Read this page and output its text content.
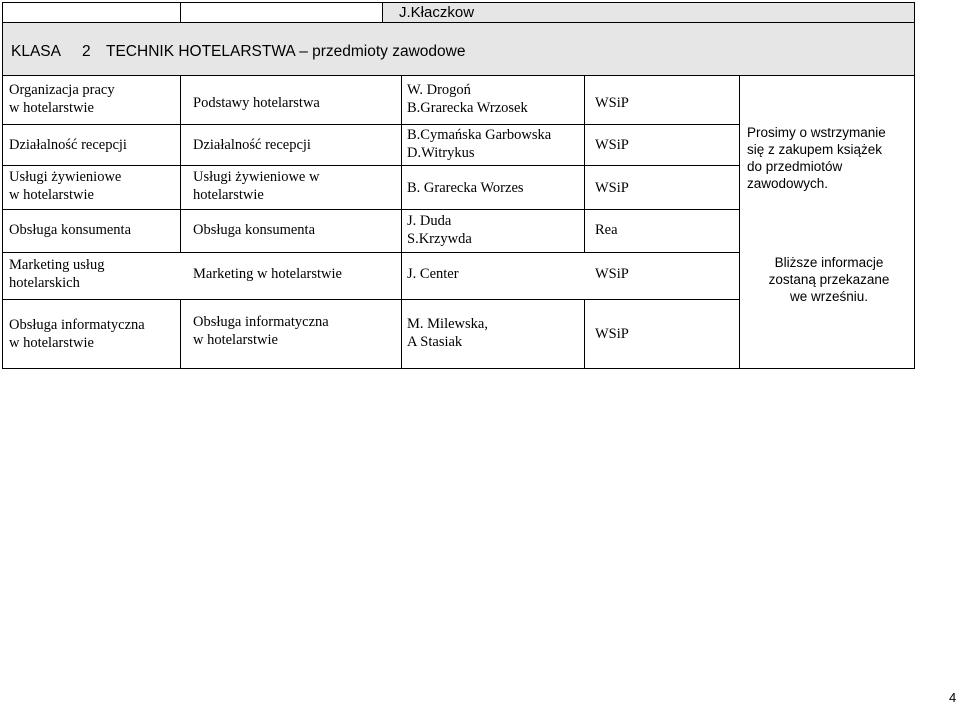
J.Kłaczkow
KLASA 2 TECHNIK HOTELARSTWA – przedmioty zawodowe
Organizacja pracy
w hotelarstwie
Działalność recepcji
Usługi żywieniowe
w hotelarstwie
Obsługa konsumenta
Marketing usług
hotelarskich
Obsługa informatyczna
w hotelarstwie
Podstawy hotelarstwa
Działalność recepcji
Usługi żywieniowe w
hotelarstwie
Obsługa konsumenta
Marketing w hotelarstwie
Obsługa informatyczna
w hotelarstwie
W. Drogoń
B.Grarecka Wrzosek
B.Cymańska Garbowska
D.Witrykus
B. Grarecka Worzes
J. Duda
S.Krzywda
J. Center
M. Milewska,
A Stasiak
WSiP
WSiP
WSiP
Rea
WSiP
WSiP
Prosimy o wstrzymanie
się z zakupem książek
do przedmiotów
zawodowych.
Bliższe informacje
zostaną przekazane
we wrześniu.
4
